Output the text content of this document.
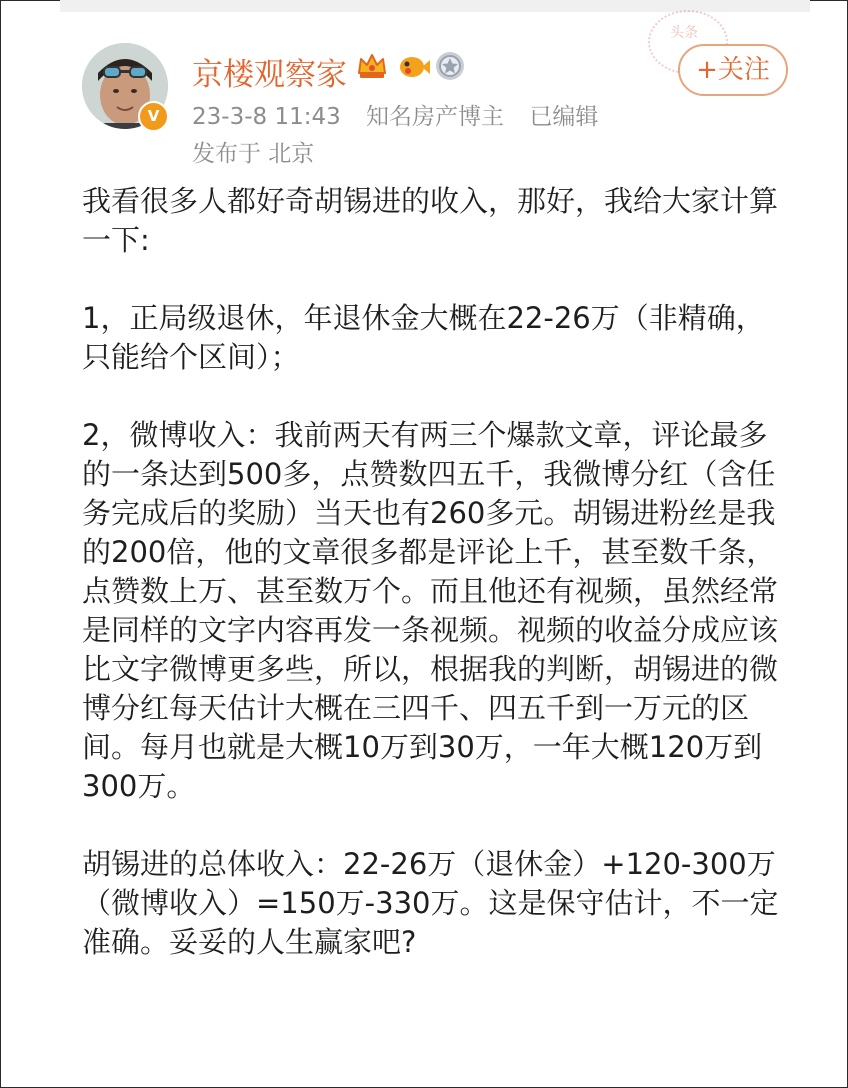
头条
V
京楼观察家
23-3-8 11:43 知名房产博主 已编辑
发布于 北京
+关注

我看很多人都好奇胡锡进的收入，那好，我给大家计算一下:

1，正局级退休，年退休金大概在22-26万（非精确，只能给个区间）；

2，微博收入：我前两天有两三个爆款文章，评论最多的一条达到500多，点赞数四五千，我微博分红（含任务完成后的奖励）当天也有260多元。胡锡进粉丝是我的200倍，他的文章很多都是评论上千，甚至数千条，点赞数上万、甚至数万个。而且他还有视频，虽然经常是同样的文字内容再发一条视频。视频的收益分成应该比文字微博更多些，所以，根据我的判断，胡锡进的微博分红每天估计大概在三四千、四五千到一万元的区间。每月也就是大概10万到30万，一年大概120万到300万。

胡锡进的总体收入：22-26万（退休金）+120-300万（微博收入）=150万-330万。这是保守估计，不一定准确。妥妥的人生赢家吧?
